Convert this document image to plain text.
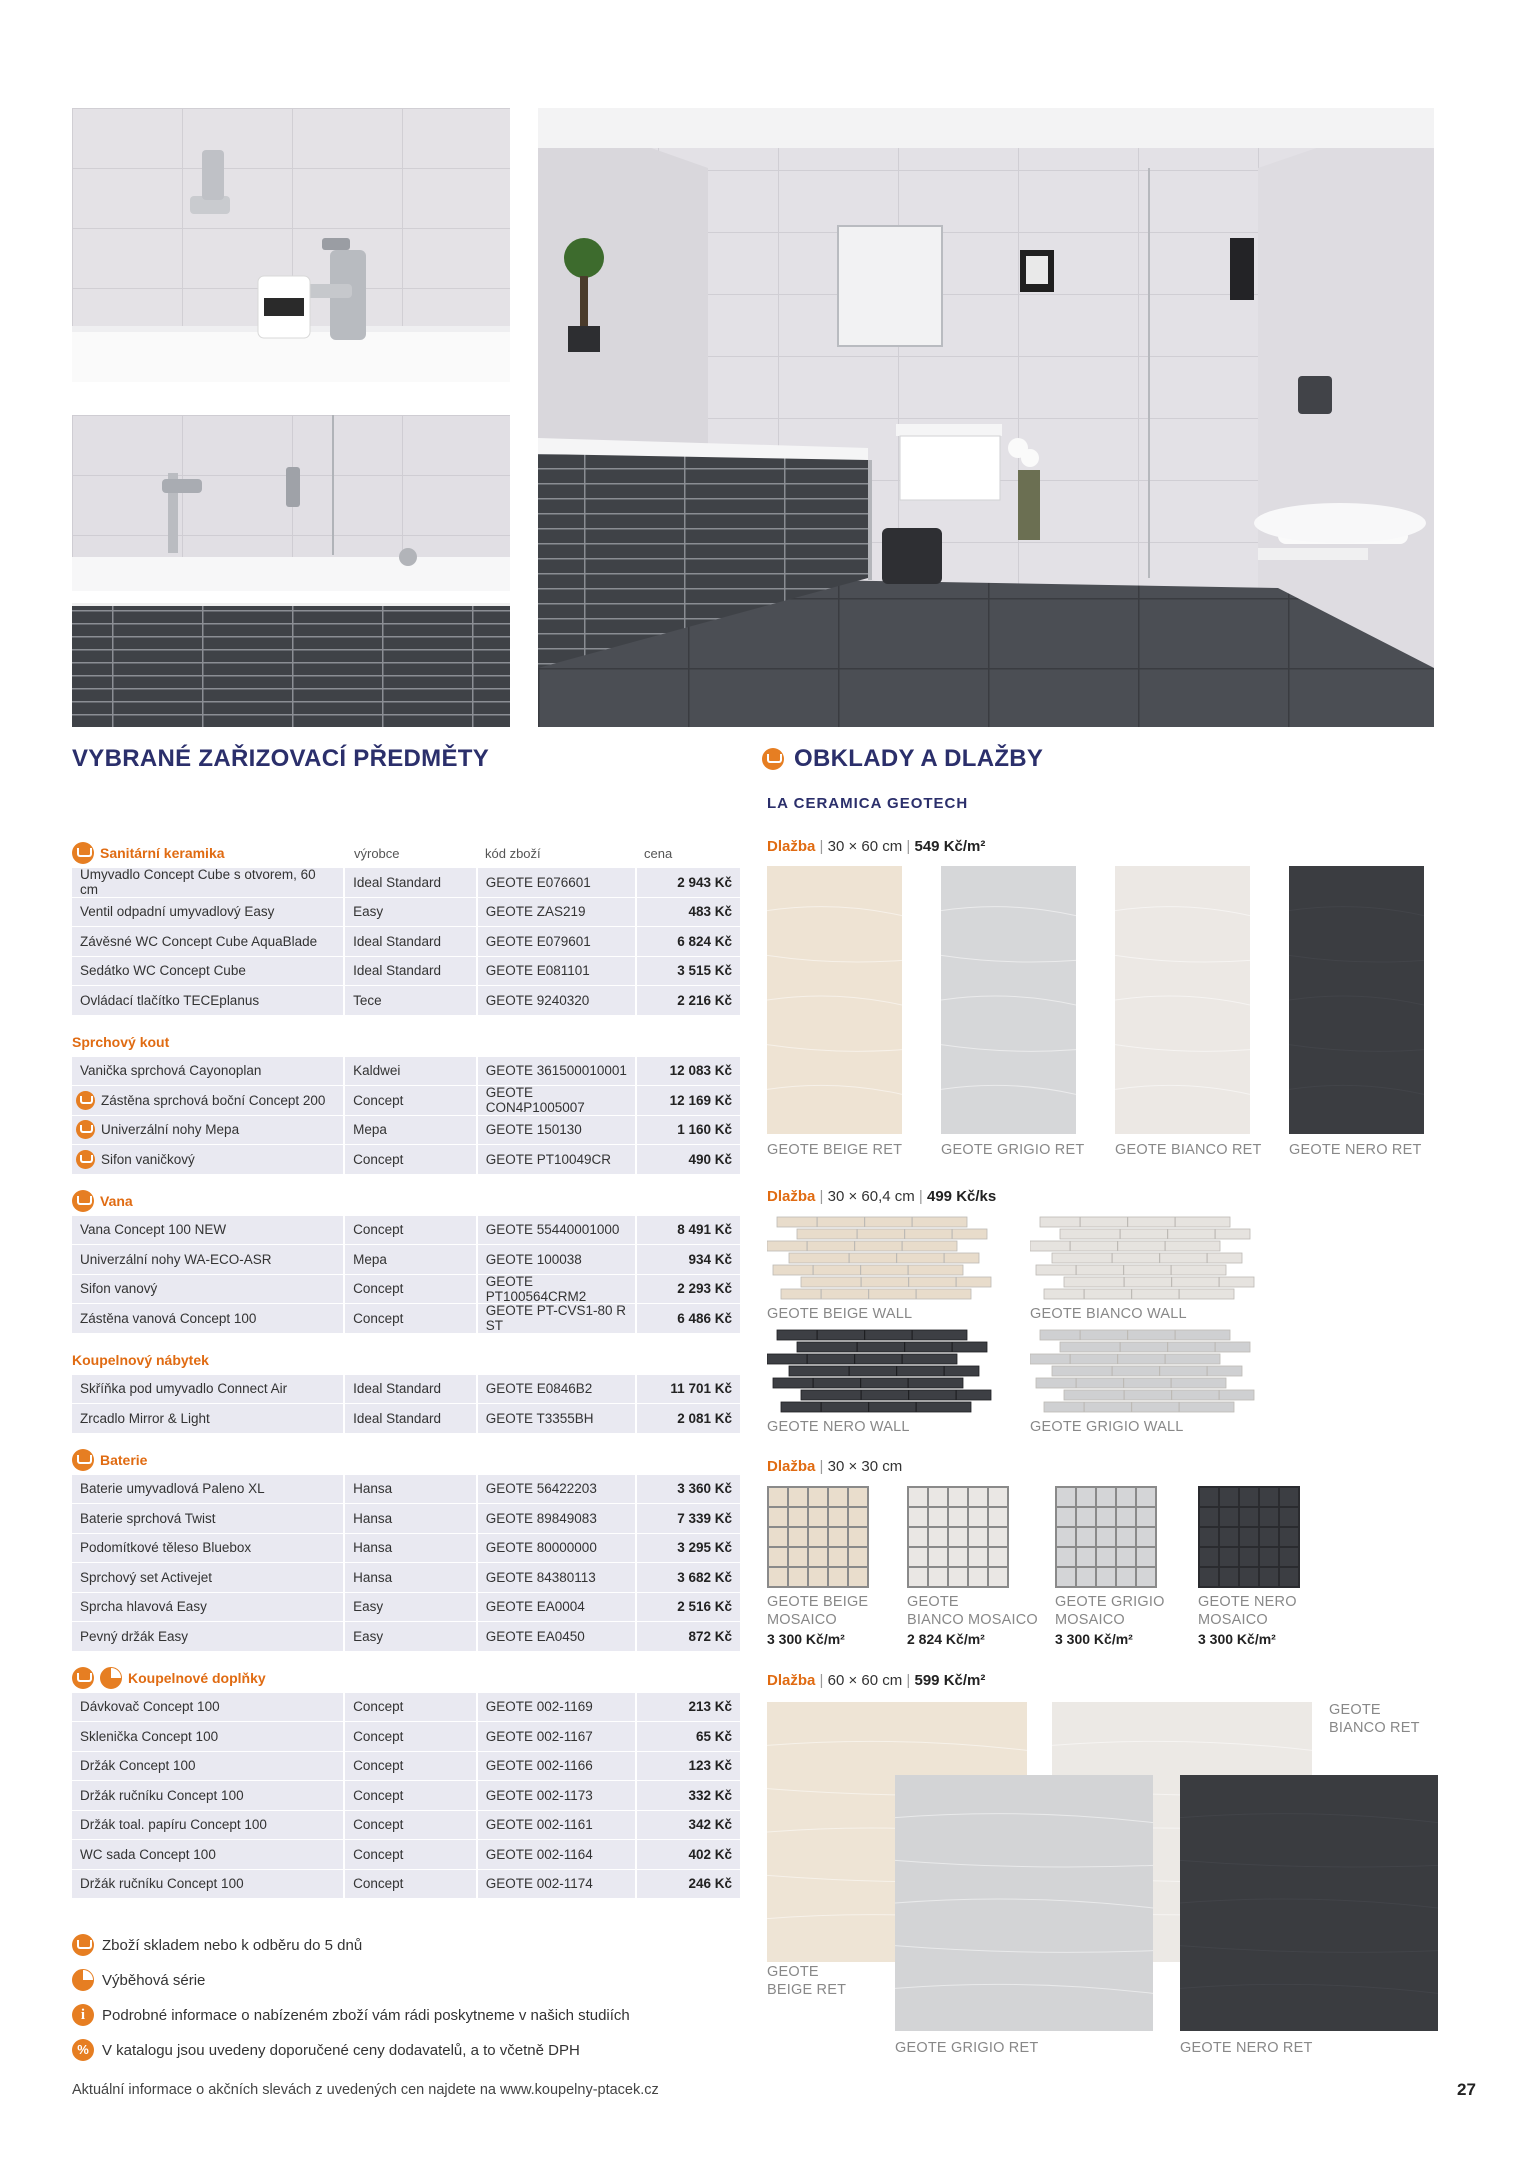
VYBRANÉ ZAŘIZOVACÍ PŘEDMĚTY	OBKLADY A DLAŽBY
LA CERAMICA GEOTECH
výrobce	kód zboží	cena
Sanitární keramika
Umyvadlo Concept Cube s otvorem, 60 cm	Ideal Standard	GEOTE E076601	2 943 Kč
Ventil odpadní umyvadlový Easy	Easy	GEOTE ZAS219	483 Kč
Závěsné WC Concept Cube AquaBlade	Ideal Standard	GEOTE E079601	6 824 Kč
Sedátko WC Concept Cube	Ideal Standard	GEOTE E081101	3 515 Kč
Ovládací tlačítko TECEplanus	Tece	GEOTE 9240320	2 216 Kč
Sprchový kout
Vanička sprchová Cayonoplan	Kaldwei	GEOTE 361500010001	12 083 Kč
Zástěna sprchová boční Concept 200	Concept	GEOTE CON4P1005007	12 169 Kč
Univerzální nohy Mepa	Mepa	GEOTE 150130	1 160 Kč
Sifon vaničkový	Concept	GEOTE PT10049CR	490 Kč
Vana
Vana Concept 100 NEW	Concept	GEOTE 55440001000	8 491 Kč
Univerzální nohy WA-ECO-ASR	Mepa	GEOTE 100038	934 Kč
Sifon vanový	Concept	GEOTE PT100564CRM2	2 293 Kč
Zástěna vanová Concept 100	Concept	GEOTE PT-CVS1-80 R ST	6 486 Kč
Koupelnový nábytek
Skříňka pod umyvadlo Connect Air	Ideal Standard	GEOTE E0846B2	11 701 Kč
Zrcadlo Mirror & Light	Ideal Standard	GEOTE T3355BH	2 081 Kč
Baterie
Baterie umyvadlová Paleno XL	Hansa	GEOTE 56422203	3 360 Kč
Baterie sprchová Twist	Hansa	GEOTE 89849083	7 339 Kč
Podomítkové těleso Bluebox	Hansa	GEOTE 80000000	3 295 Kč
Sprchový set Activejet	Hansa	GEOTE 84380113	3 682 Kč
Sprcha hlavová Easy	Easy	GEOTE EA0004	2 516 Kč
Pevný držák Easy	Easy	GEOTE EA0450	872 Kč
Koupelnové doplňky
Dávkovač Concept 100	Concept	GEOTE 002-1169	213 Kč
Sklenička Concept 100	Concept	GEOTE 002-1167	65 Kč
Držák Concept 100	Concept	GEOTE 002-1166	123 Kč
Držák ručníku Concept 100	Concept	GEOTE 002-1173	332 Kč
Držák toal. papíru Concept 100	Concept	GEOTE 002-1161	342 Kč
WC sada Concept 100	Concept	GEOTE 002-1164	402 Kč
Držák ručníku Concept 100	Concept	GEOTE 002-1174	246 Kč
Dlažba | 30 × 60 cm | 549 Kč/m²
Dlažba | 30 × 60,4 cm | 499 Kč/ks
Dlažba | 30 × 30 cm
Dlažba | 60 × 60 cm | 599 Kč/m²
Aktuální informace o akčních slevách z uvedených cen najdete na www.koupelny-ptacek.cz	27
GEOTE BEIGE RET	GEOTE GRIGIO RET GEOTE BIANCO RET GEOTE NERO RET
GEOTE BEIGE WALL	GEOTE BIANCO WALL
GEOTE NERO WALL	GEOTE GRIGIO WALL
GEOTE BEIGE
MOSAICO
3 300 Kč/m²
GEOTE
BIANCO MOSAICO
2 824 Kč/m²
GEOTE GRIGIO
MOSAICO
3 300 Kč/m²
GEOTE NERO
MOSAICO
3 300 Kč/m²
GEOTE
BEIGE RET
GEOTE
BIANCO RET
GEOTE GRIGIO RET	GEOTE NERO RET
Zboží skladem nebo k odběru do 5 dnů
Výběhová série
i	Podrobné informace o nabízeném zboží vám rádi poskytneme v našich studiích
% V katalogu jsou uvedeny doporučené ceny dodavatelů, a to včetně DPH
